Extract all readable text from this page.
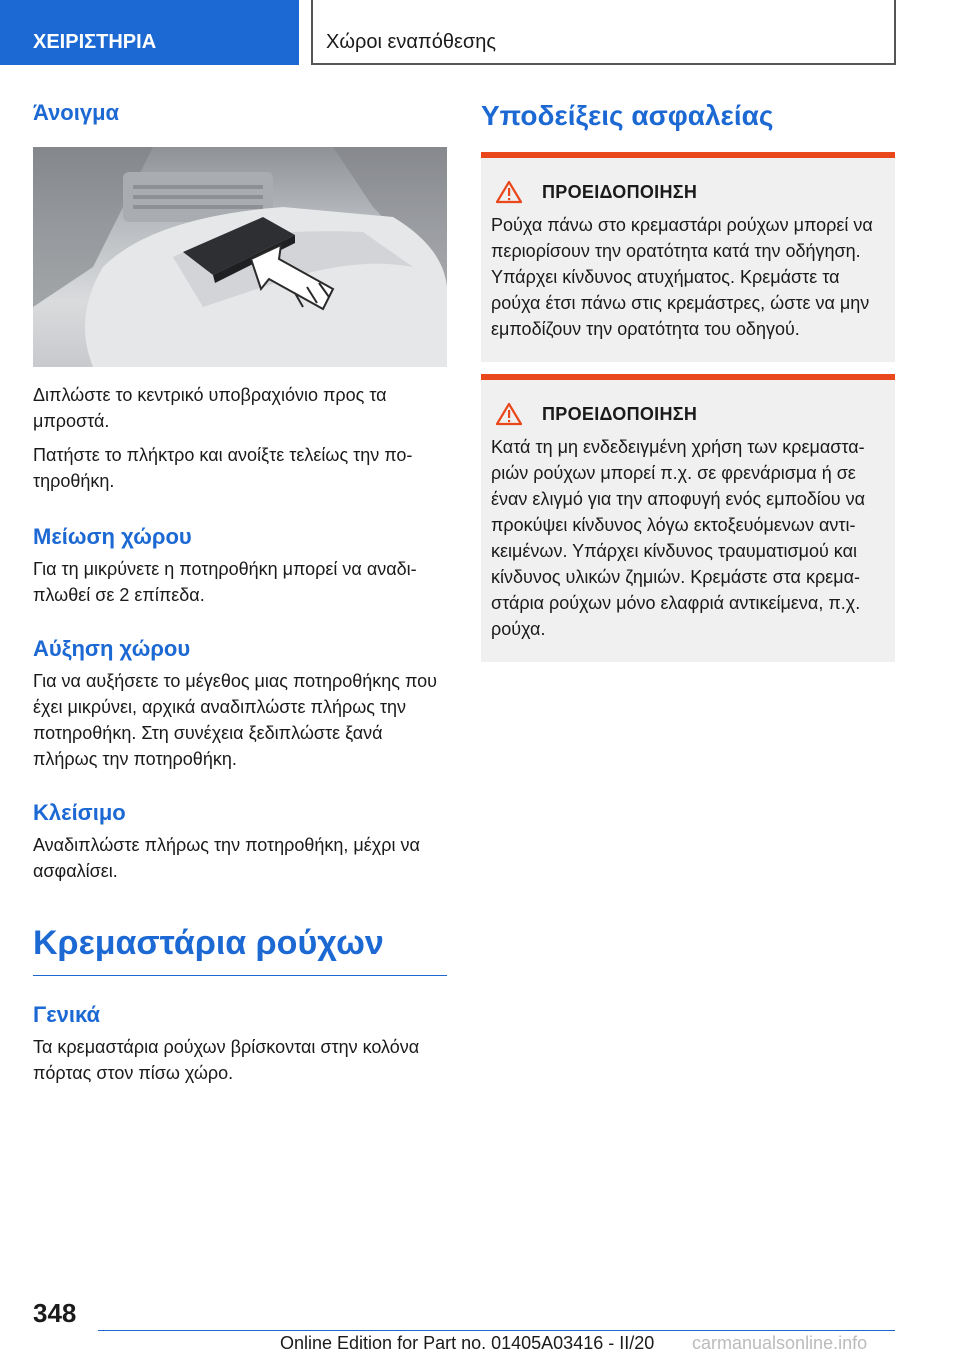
ΧΕΙΡΙΣΤΗΡΙΑ	Χώροι εναπόθεσης
Άνοιγμα

Διπλώστε το κεντρικό υποβραχιόνιο προς τα μπροστά.

Πατήστε το πλήκτρο και ανοίξτε τελείως την πο‐ τηροθήκη.

Μείωση χώρου

Για τη μικρύνετε η ποτηροθήκη μπορεί να αναδι‐ πλωθεί σε 2 επίπεδα.

Αύξηση χώρου

Για να αυξήσετε το μέγεθος μιας ποτηροθήκης που έχει μικρύνει, αρχικά αναδιπλώστε πλήρως την ποτηροθήκη. Στη συνέχεια ξεδιπλώστε ξανά πλήρως την ποτηροθήκη.

Κλείσιμο

Αναδιπλώστε πλήρως την ποτηροθήκη, μέχρι να ασφαλίσει.

Κρεμαστάρια ρούχων
Γενικά

Τα κρεμαστάρια ρούχων βρίσκονται στην κολόνα πόρτας στον πίσω χώρο.

Υποδείξεις ασφαλείας
ΠΡΟΕΙΔΟΠΟΙΗΣΗ

Ρούχα πάνω στο κρεμαστάρι ρούχων μπορεί να περιορίσουν την ορατότητα κατά την οδήγηση. Υπάρχει κίνδυνος ατυχήματος. Κρεμάστε τα ρούχα έτσι πάνω στις κρεμάστρες, ώστε να μην εμποδίζουν την ορατότητα του οδηγού.

ΠΡΟΕΙΔΟΠΟΙΗΣΗ

Κατά τη μη ενδεδειγμένη χρήση των κρεμαστα‐ ριών ρούχων μπορεί π.χ. σε φρενάρισμα ή σε έναν ελιγμό για την αποφυγή ενός εμποδίου να προκύψει κίνδυνος λόγω εκτοξευόμενων αντι‐ κειμένων. Υπάρχει κίνδυνος τραυματισμού και κίνδυνος υλικών ζημιών. Κρεμάστε στα κρεμα‐ στάρια ρούχων μόνο ελαφριά αντικείμενα, π.χ. ρούχα.

348
Online Edition for Part no. 01405A03416 - II/20 carmanualsonline.info
